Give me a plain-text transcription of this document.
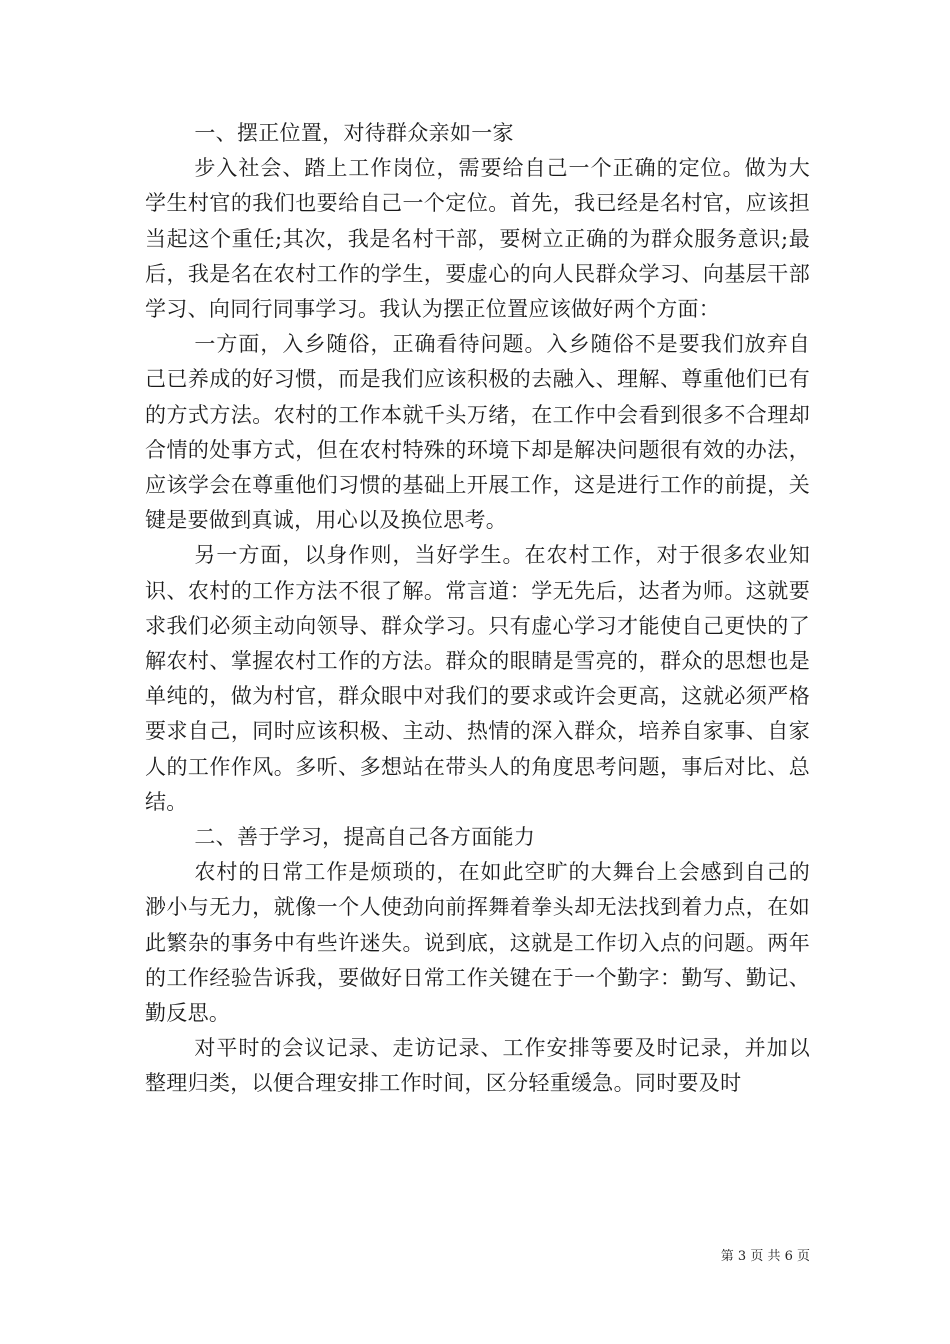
一、摆正位置，对待群众亲如一家

步入社会、踏上工作岗位，需要给自己一个正确的定位。做为大学生村官的我们也要给自己一个定位。首先，我已经是名村官，应该担当起这个重任;其次，我是名村干部，要树立正确的为群众服务意识;最后，我是名在农村工作的学生，要虚心的向人民群众学习、向基层干部学习、向同行同事学习。我认为摆正位置应该做好两个方面：

一方面，入乡随俗，正确看待问题。入乡随俗不是要我们放弃自己已养成的好习惯，而是我们应该积极的去融入、理解、尊重他们已有的方式方法。农村的工作本就千头万绪，在工作中会看到很多不合理却合情的处事方式，但在农村特殊的环境下却是解决问题很有效的办法，应该学会在尊重他们习惯的基础上开展工作，这是进行工作的前提，关键是要做到真诚，用心以及换位思考。

另一方面，以身作则，当好学生。在农村工作，对于很多农业知识、农村的工作方法不很了解。常言道：学无先后，达者为师。这就要求我们必须主动向领导、群众学习。只有虚心学习才能使自己更快的了解农村、掌握农村工作的方法。群众的眼睛是雪亮的，群众的思想也是单纯的，做为村官，群众眼中对我们的要求或许会更高，这就必须严格要求自己，同时应该积极、主动、热情的深入群众，培养自家事、自家人的工作作风。多听、多想站在带头人的角度思考问题，事后对比、总结。

二、善于学习，提高自己各方面能力

农村的日常工作是烦琐的，在如此空旷的大舞台上会感到自己的渺小与无力，就像一个人使劲向前挥舞着拳头却无法找到着力点，在如此繁杂的事务中有些许迷失。说到底，这就是工作切入点的问题。两年的工作经验告诉我，要做好日常工作关键在于一个勤字：勤写、勤记、勤反思。

对平时的会议记录、走访记录、工作安排等要及时记录，并加以整理归类，以便合理安排工作时间，区分轻重缓急。同时要及时

第 3 页 共 6 页
